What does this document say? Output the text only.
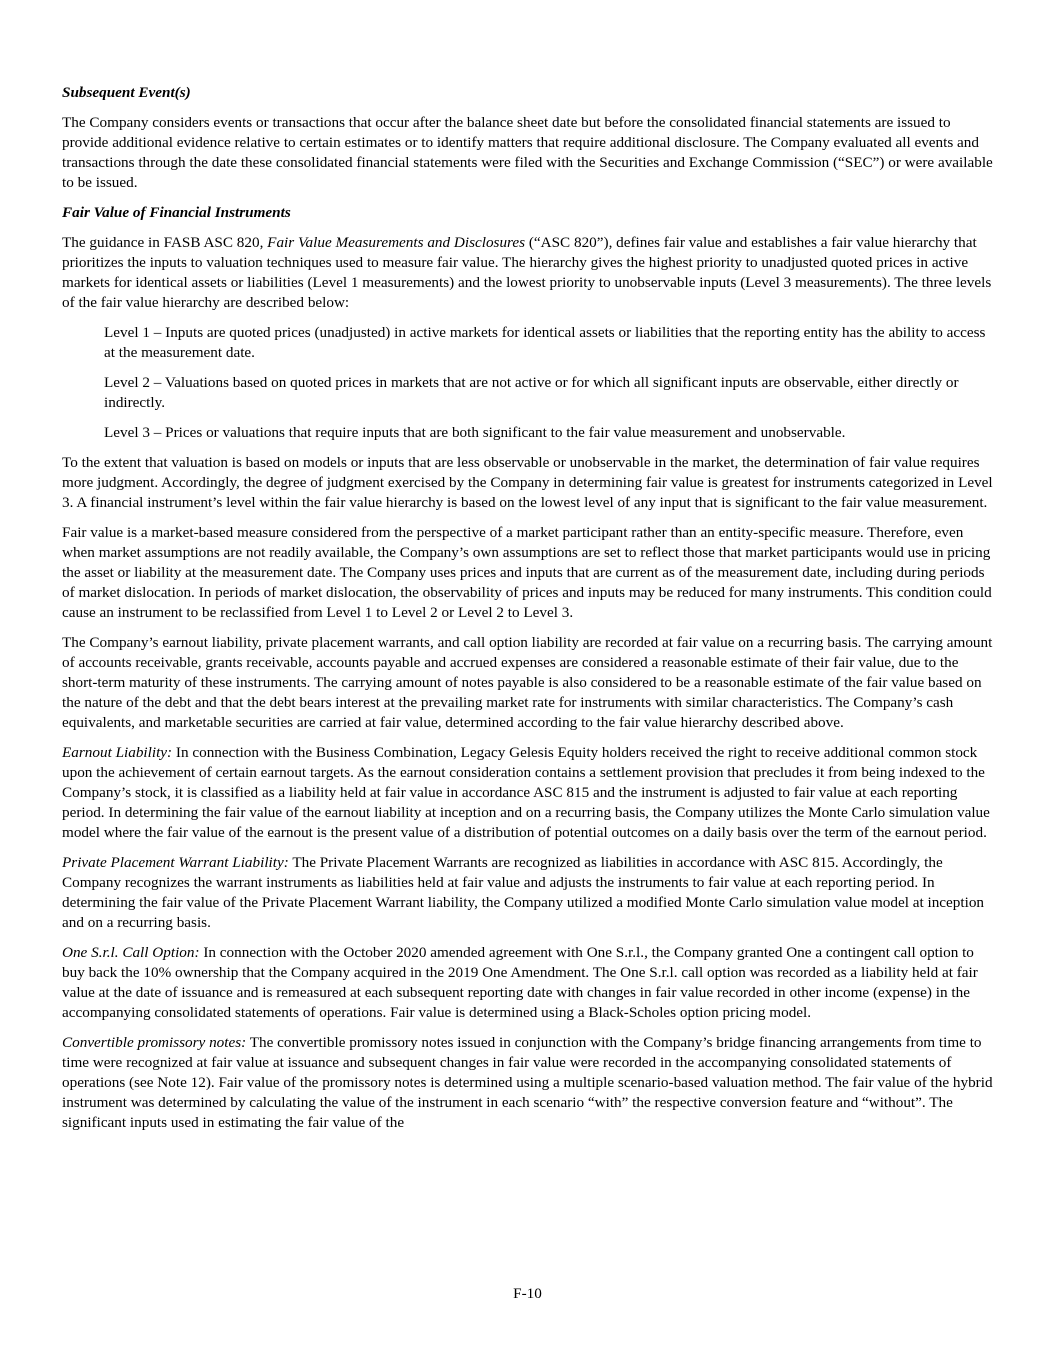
Subsequent Event(s)

The Company considers events or transactions that occur after the balance sheet date but before the consolidated financial statements are issued to provide additional evidence relative to certain estimates or to identify matters that require additional disclosure. The Company evaluated all events and transactions through the date these consolidated financial statements were filed with the Securities and Exchange Commission (“SEC”) or were available to be issued.

Fair Value of Financial Instruments

The guidance in FASB ASC 820, Fair Value Measurements and Disclosures (“ASC 820”), defines fair value and establishes a fair value hierarchy that prioritizes the inputs to valuation techniques used to measure fair value. The hierarchy gives the highest priority to unadjusted quoted prices in active markets for identical assets or liabilities (Level 1 measurements) and the lowest priority to unobservable inputs (Level 3 measurements). The three levels of the fair value hierarchy are described below:

Level 1 – Inputs are quoted prices (unadjusted) in active markets for identical assets or liabilities that the reporting entity has the ability to access at the measurement date.

Level 2 – Valuations based on quoted prices in markets that are not active or for which all significant inputs are observable, either directly or indirectly.

Level 3 – Prices or valuations that require inputs that are both significant to the fair value measurement and unobservable.

To the extent that valuation is based on models or inputs that are less observable or unobservable in the market, the determination of fair value requires more judgment. Accordingly, the degree of judgment exercised by the Company in determining fair value is greatest for instruments categorized in Level 3. A financial instrument’s level within the fair value hierarchy is based on the lowest level of any input that is significant to the fair value measurement.

Fair value is a market-based measure considered from the perspective of a market participant rather than an entity-specific measure. Therefore, even when market assumptions are not readily available, the Company’s own assumptions are set to reflect those that market participants would use in pricing the asset or liability at the measurement date. The Company uses prices and inputs that are current as of the measurement date, including during periods of market dislocation. In periods of market dislocation, the observability of prices and inputs may be reduced for many instruments. This condition could cause an instrument to be reclassified from Level 1 to Level 2 or Level 2 to Level 3.

The Company’s earnout liability, private placement warrants, and call option liability are recorded at fair value on a recurring basis. The carrying amount of accounts receivable, grants receivable, accounts payable and accrued expenses are considered a reasonable estimate of their fair value, due to the short-term maturity of these instruments. The carrying amount of notes payable is also considered to be a reasonable estimate of the fair value based on the nature of the debt and that the debt bears interest at the prevailing market rate for instruments with similar characteristics. The Company’s cash equivalents, and marketable securities are carried at fair value, determined according to the fair value hierarchy described above.

Earnout Liability: In connection with the Business Combination, Legacy Gelesis Equity holders received the right to receive additional common stock upon the achievement of certain earnout targets. As the earnout consideration contains a settlement provision that precludes it from being indexed to the Company’s stock, it is classified as a liability held at fair value in accordance ASC 815 and the instrument is adjusted to fair value at each reporting period. In determining the fair value of the earnout liability at inception and on a recurring basis, the Company utilizes the Monte Carlo simulation value model where the fair value of the earnout is the present value of a distribution of potential outcomes on a daily basis over the term of the earnout period.

Private Placement Warrant Liability: The Private Placement Warrants are recognized as liabilities in accordance with ASC 815. Accordingly, the Company recognizes the warrant instruments as liabilities held at fair value and adjusts the instruments to fair value at each reporting period. In determining the fair value of the Private Placement Warrant liability, the Company utilized a modified Monte Carlo simulation value model at inception and on a recurring basis.

One S.r.l. Call Option: In connection with the October 2020 amended agreement with One S.r.l., the Company granted One a contingent call option to buy back the 10% ownership that the Company acquired in the 2019 One Amendment. The One S.r.l. call option was recorded as a liability held at fair value at the date of issuance and is remeasured at each subsequent reporting date with changes in fair value recorded in other income (expense) in the accompanying consolidated statements of operations. Fair value is determined using a Black-Scholes option pricing model.

Convertible promissory notes: The convertible promissory notes issued in conjunction with the Company’s bridge financing arrangements from time to time were recognized at fair value at issuance and subsequent changes in fair value were recorded in the accompanying consolidated statements of operations (see Note 12). Fair value of the promissory notes is determined using a multiple scenario-based valuation method. The fair value of the hybrid instrument was determined by calculating the value of the instrument in each scenario “with” the respective conversion feature and “without”. The significant inputs used in estimating the fair value of the

F-10
